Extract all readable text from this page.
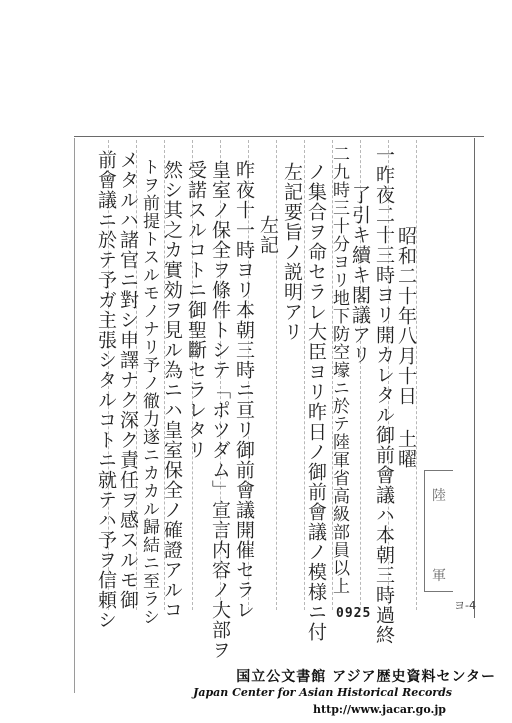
昭和二十年八月十日 土曜
一昨夜二十三時ヨリ開カレタル御前會議ハ本朝三時過終
了引キ續キ閣議アリ
二九時三十分ヨリ地下防空壕ニ於テ陸軍省高級部員以上
ノ集合ヲ命セラレ大臣ヨリ昨日ノ御前會議ノ模様ニ付
左記要旨ノ説明アリ
左記
昨夜十一時ヨリ本朝三時ニ亘リ御前會議開催セラレ
皇室ノ保全ヲ條件トシテ「ポツダム」宣言内容ノ大部ヲ
受諾スルコトニ御聖斷セラレタリ
然シ其之カ實効ヲ見ル為ニハ皇室保全ノ確證アルコ
トヲ前提トスルモノナリ予ノ徹力遂ニカカル歸結ニ至ラシ
メタルハ諸官ニ對シ申譯ナク深ク責任ヲ感スルモ御
前會議ニ於テ予ガ主張シタルコトニ就テハ予ヲ信頼シ	陸
軍
ヨ-4
0925
国立公文書館 アジア歴史資料センター
Japan Center for Asian Historical Records
http://www.jacar.go.jp
